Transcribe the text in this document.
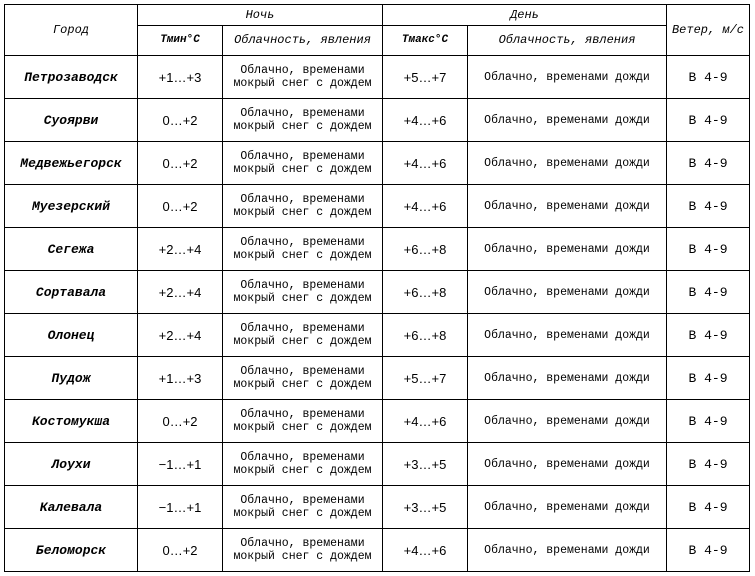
Город	Ночь		День		Ветер, м/с
	Тмин°С	Облачность, явления	Тмакс°С	Облачность, явления	
Петрозаводск	+1…+3	Облачно, временами мокрый снег с дождем	+5…+7	Облачно, временами дожди	В 4-9
Суоярви	0…+2	Облачно, временами мокрый снег с дождем	+4…+6	Облачно, временами дожди	В 4-9
Медвежьегорск	0…+2	Облачно, временами мокрый снег с дождем	+4…+6	Облачно, временами дожди	В 4-9
Муезерский	0…+2	Облачно, временами мокрый снег с дождем	+4…+6	Облачно, временами дожди	В 4-9
Сегежа	+2…+4	Облачно, временами мокрый снег с дождем	+6…+8	Облачно, временами дожди	В 4-9
Сортавала	+2…+4	Облачно, временами мокрый снег с дождем	+6…+8	Облачно, временами дожди	В 4-9
Олонец	+2…+4	Облачно, временами мокрый снег с дождем	+6…+8	Облачно, временами дожди	В 4-9
Пудож	+1…+3	Облачно, временами мокрый снег с дождем	+5…+7	Облачно, временами дожди	В 4-9
Костомукша	0…+2	Облачно, временами мокрый снег с дождем	+4…+6	Облачно, временами дожди	В 4-9
Лоухи	−1…+1	Облачно, временами мокрый снег с дождем	+3…+5	Облачно, временами дожди	В 4-9
Калевала	−1…+1	Облачно, временами мокрый снег с дождем	+3…+5	Облачно, временами дожди	В 4-9
Беломорск	0…+2	Облачно, временами мокрый снег с дождем	+4…+6	Облачно, временами дожди	В 4-9
